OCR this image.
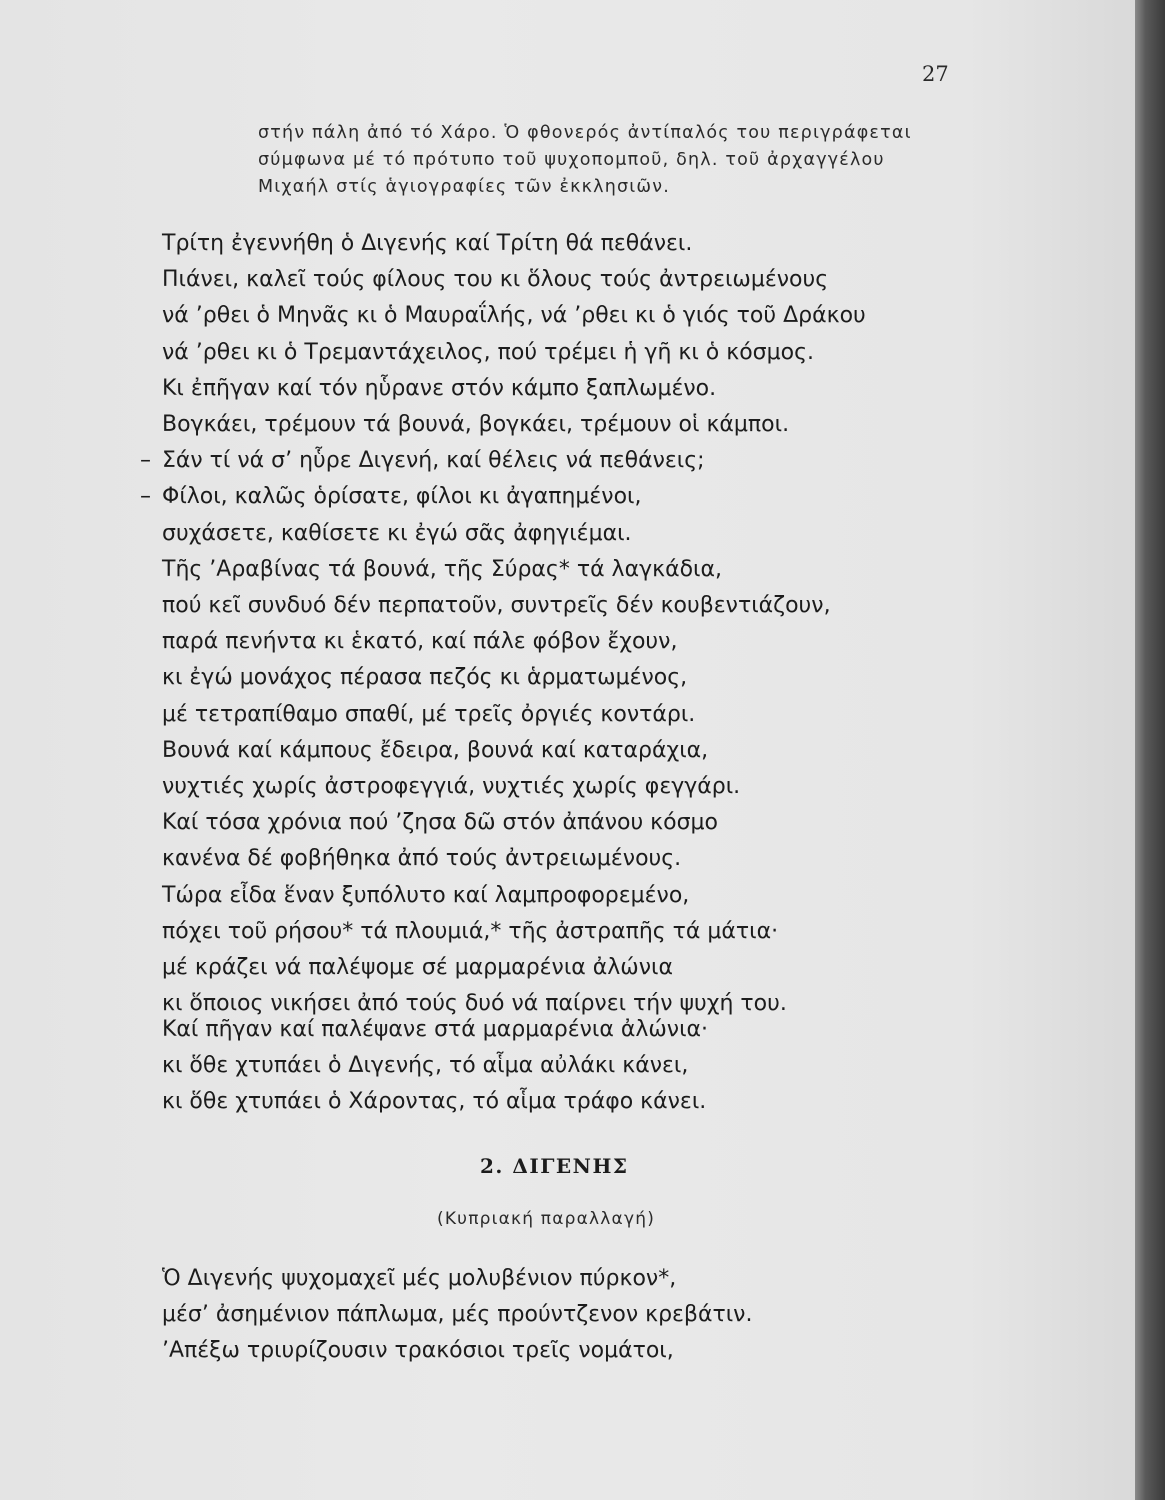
27
στήν πάλη ἀπό τό Χάρο. Ὁ φθονερός ἀντίπαλός του περιγράφεται
σύμφωνα μέ τό πρότυπο τοῦ ψυχοπομποῦ, δηλ. τοῦ ἀρχαγγέλου
Μιχαήλ στίς ἁγιογραφίες τῶν ἐκκλησιῶν.
Τρίτη ἐγεννήθη ὁ Διγενής καί Τρίτη θά πεθάνει.
Πιάνει, καλεῖ τούς φίλους του κι ὅλους τούς ἀντρειωμένους
νά ’ρθει ὁ Μηνᾶς κι ὁ Μαυραΐλής, νά ’ρθει κι ὁ γιός τοῦ Δράκου
νά ’ρθει κι ὁ Τρεμαντάχειλος, πού τρέμει ἡ γῆ κι ὁ κόσμος.
Κι ἐπῆγαν καί τόν ηὗρανε στόν κάμπο ξαπλωμένο.
Βογκάει, τρέμουν τά βουνά, βογκάει, τρέμουν οἱ κάμποι.
– Σάν τί νά σ’ ηὗρε Διγενή, καί θέλεις νά πεθάνεις;
– Φίλοι, καλῶς ὁρίσατε, φίλοι κι ἀγαπημένοι,
συχάσετε, καθίσετε κι ἐγώ σᾶς ἀφηγιέμαι.
Τῆς ’Αραβίνας τά βουνά, τῆς Σύρας* τά λαγκάδια,
πού κεῖ συνδυό δέν περπατοῦν, συντρεῖς δέν κουβεντιάζουν,
παρά πενήντα κι ἑκατό, καί πάλε φόβον ἔχουν,
κι ἐγώ μονάχος πέρασα πεζός κι ἁρματωμένος,
μέ τετραπίθαμο σπαθί, μέ τρεῖς ὀργιές κοντάρι.
Βουνά καί κάμπους ἔδειρα, βουνά καί καταράχια,
νυχτιές χωρίς ἀστροφεγγιά, νυχτιές χωρίς φεγγάρι.
Καί τόσα χρόνια πού ’ζησα δῶ στόν ἀπάνου κόσμο
κανένα δέ φοβήθηκα ἀπό τούς ἀντρειωμένους.
Τώρα εἶδα ἕναν ξυπόλυτο καί λαμπροφορεμένο,
πόχει τοῦ ρήσου* τά πλουμιά,* τῆς ἀστραπῆς τά μάτια·
μέ κράζει νά παλέψομε σέ μαρμαρένια ἀλώνια
κι ὅποιος νικήσει ἀπό τούς δυό νά παίρνει τήν ψυχή του.
Καί πῆγαν καί παλέψανε στά μαρμαρένια ἀλώνια·
κι ὅθε χτυπάει ὁ Διγενής, τό αἷμα αὐλάκι κάνει,
κι ὅθε χτυπάει ὁ Χάροντας, τό αἷμα τράφο κάνει.
2. ΔΙΓΕΝΗΣ
(Κυπριακή παραλλαγή)
Ὁ Διγενής ψυχομαχεῖ μές μολυβένιον πύρκον*,
μέσ’ ἀσημένιον πάπλωμα, μές προύντζενον κρεβάτιν.
’Απέξω τριυρίζουσιν τρακόσιοι τρεῖς νομάτοι,
